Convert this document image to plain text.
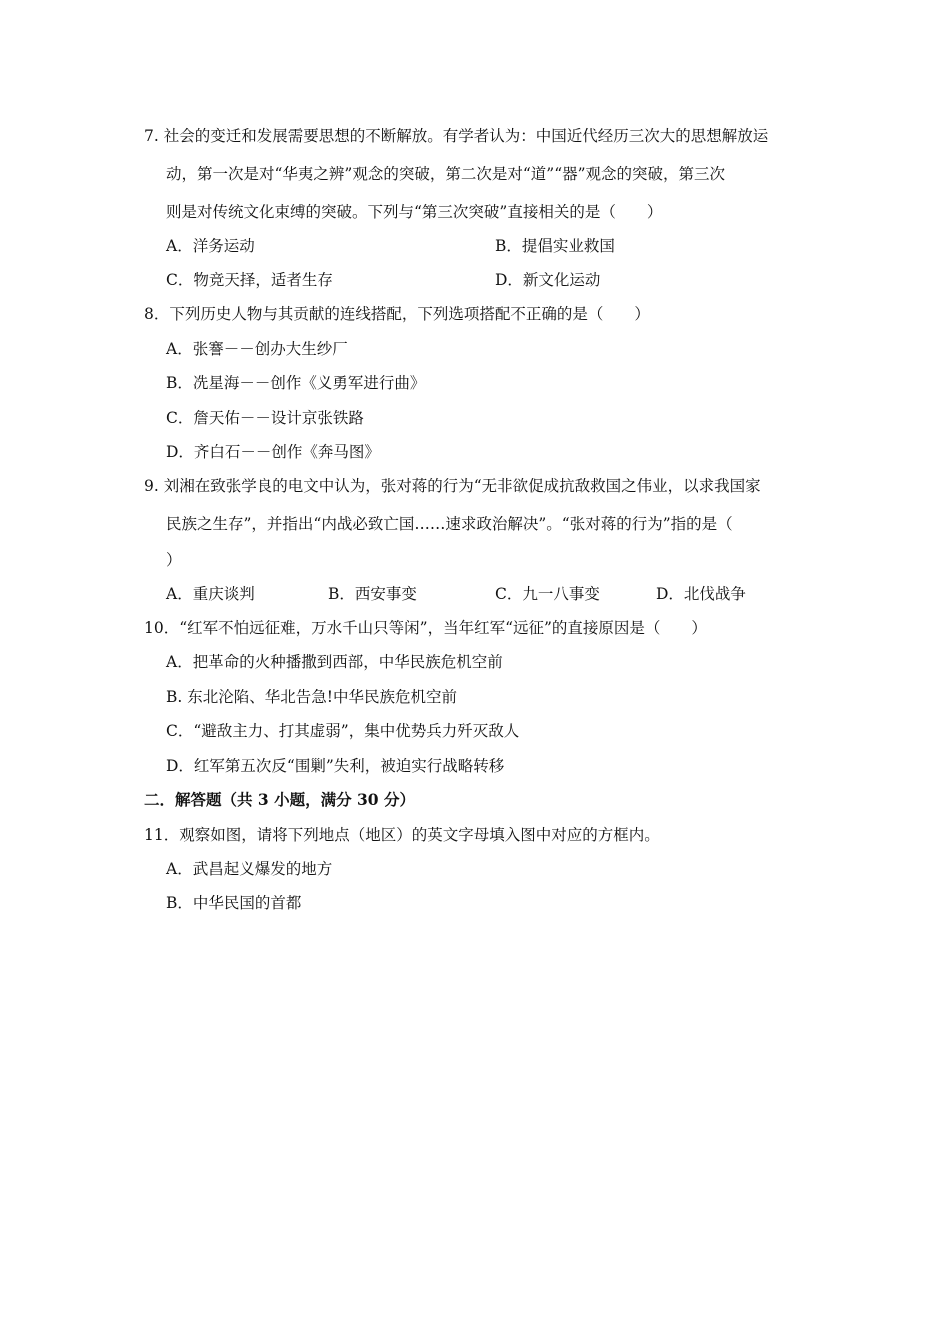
7. 社会的变迁和发展需要思想的不断解放。有学者认为：中国近代经历三次大的思想解放运
动，第一次是对“华夷之辨”观念的突破，第二次是对“道”“器”观念的突破，第三次
则是对传统文化束缚的突破。下列与“第三次突破”直接相关的是（　　）
A．洋务运动	B．提倡实业救国
C．物竞天择，适者生存	D．新文化运动
8．下列历史人物与其贡献的连线搭配，下列选项搭配不正确的是（　　）
A．张謇－－创办大生纱厂
B．冼星海－－创作《义勇军进行曲》
C．詹天佑－－设计京张铁路
D．齐白石－－创作《奔马图》
9. 刘湘在致张学良的电文中认为，张对蒋的行为“无非欲促成抗敌救国之伟业，以求我国家
民族之生存”，并指出“内战必致亡国……速求政治解决”。“张对蒋的行为”指的是（
）
A．重庆谈判	B．西安事变	C．九一八事变	D．北伐战争
10．“红军不怕远征难，万水千山只等闲”，当年红军“远征”的直接原因是（　　）
A．把革命的火种播撒到西部，中华民族危机空前
B. 东北沦陷、华北告急!中华民族危机空前
C．“避敌主力、打其虚弱”，集中优势兵力歼灭敌人
D．红军第五次反“围剿”失利，被迫实行战略转移
二．解答题（共 3 小题，满分 30 分）
11．观察如图，请将下列地点（地区）的英文字母填入图中对应的方框内。
A．武昌起义爆发的地方
B．中华民国的首都
